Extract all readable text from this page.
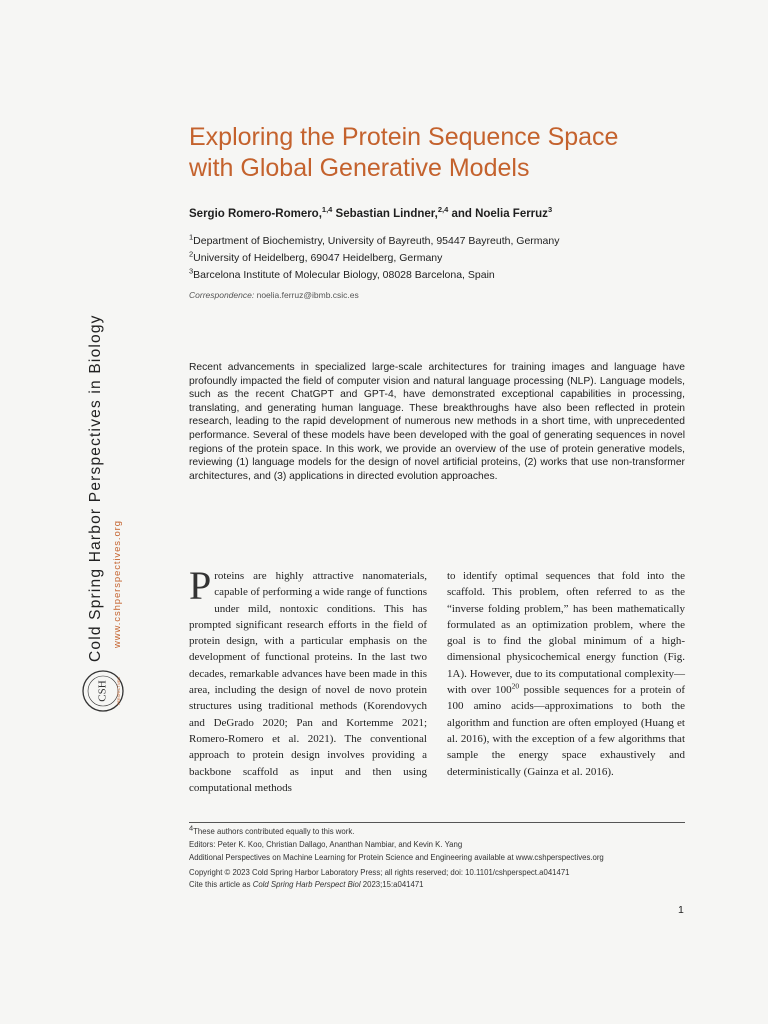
Exploring the Protein Sequence Space
with Global Generative Models
Sergio Romero-Romero,$^{1,4}$ Sebastian Lindner,$^{2,4}$ and Noelia Ferruz$^3$
$^1$Department of Biochemistry, University of Bayreuth, 95447 Bayreuth, Germany
$^2$University of Heidelberg, 69047 Heidelberg, Germany
$^3$Barcelona Institute of Molecular Biology, 08028 Barcelona, Spain
Correspondence: noelia.ferruz@ibmb.csic.es
Cold Spring Harbor Perspectives in Biology www.cshperspectives.org
CSH PERSPECTIVES
Recent advancements in specialized large-scale architectures for training images and language have profoundly impacted the field of computer vision and natural language processing (NLP). Language models, such as the recent ChatGPT and GPT-4, have demonstrated exceptional capabilities in processing, translating, and generating human language. These breakthroughs have also been reflected in protein research, leading to the rapid development of numerous new methods in a short time, with unprecedented performance. Several of these models have been developed with the goal of generating sequences in novel regions of the protein space. In this work, we provide an overview of the use of protein generative models, reviewing (1) language models for the design of novel artificial proteins, (2) works that use non-transformer architectures, and (3) applications in directed evolution approaches.
Proteins are highly attractive nanomaterials, capable of performing a wide range of functions under mild, nontoxic conditions. This has prompted significant research efforts in the field of protein design, with a particular emphasis on the development of functional proteins. In the last two decades, remarkable advances have been made in this area, including the design of novel de novo protein structures using traditional methods (Korendovych and DeGrado 2020; Pan and Kortemme 2021; Romero-Romero et al. 2021). The conventional approach to protein design involves providing a backbone scaffold as input and then using computational methods
to identify optimal sequences that fold into the scaffold. This problem, often referred to as the “inverse folding problem,” has been mathematically formulated as an optimization problem, where the goal is to find the global minimum of a high-dimensional physicochemical energy function (Fig. 1A). However, due to its computational complexity—with over $100^{20}$ possible sequences for a protein of 100 amino acids—approximations to both the algorithm and function are often employed (Huang et al. 2016), with the exception of a few algorithms that sample the energy space exhaustively and deterministically (Gainza et al. 2016).
$^4$These authors contributed equally to this work.
Editors: Peter K. Koo, Christian Dallago, Ananthan Nambiar, and Kevin K. Yang
Additional Perspectives on Machine Learning for Protein Science and Engineering available at www.cshperspectives.org
Copyright © 2023 Cold Spring Harbor Laboratory Press; all rights reserved; doi: 10.1101/cshperspect.a041471
Cite this article as Cold Spring Harb Perspect Biol 2023;15:a041471
1
